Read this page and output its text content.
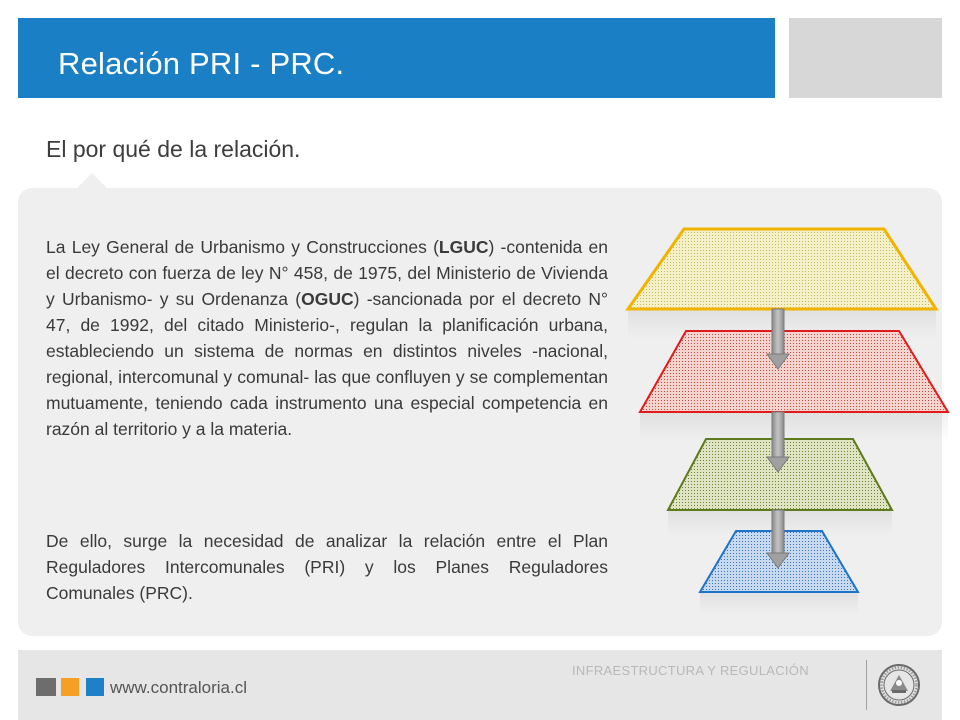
Relación PRI - PRC.
El por qué de la relación.
La Ley General de Urbanismo y Construcciones (LGUC) -contenida en el decreto con fuerza de ley N° 458, de 1975, del Ministerio de Vivienda y Urbanismo- y su Ordenanza (OGUC) -sancionada por el decreto N° 47, de 1992, del citado Ministerio-, regulan la planificación urbana, estableciendo un sistema de normas en distintos niveles -nacional, regional, intercomunal y comunal- las que confluyen y se complementan mutuamente, teniendo cada instrumento una especial competencia en razón al territorio y a la materia.
De ello, surge la necesidad de analizar la relación entre el Plan Reguladores Intercomunales (PRI) y los Planes Reguladores Comunales (PRC).
www.contraloria.cl
INFRAESTRUCTURA Y REGULACIÓN
